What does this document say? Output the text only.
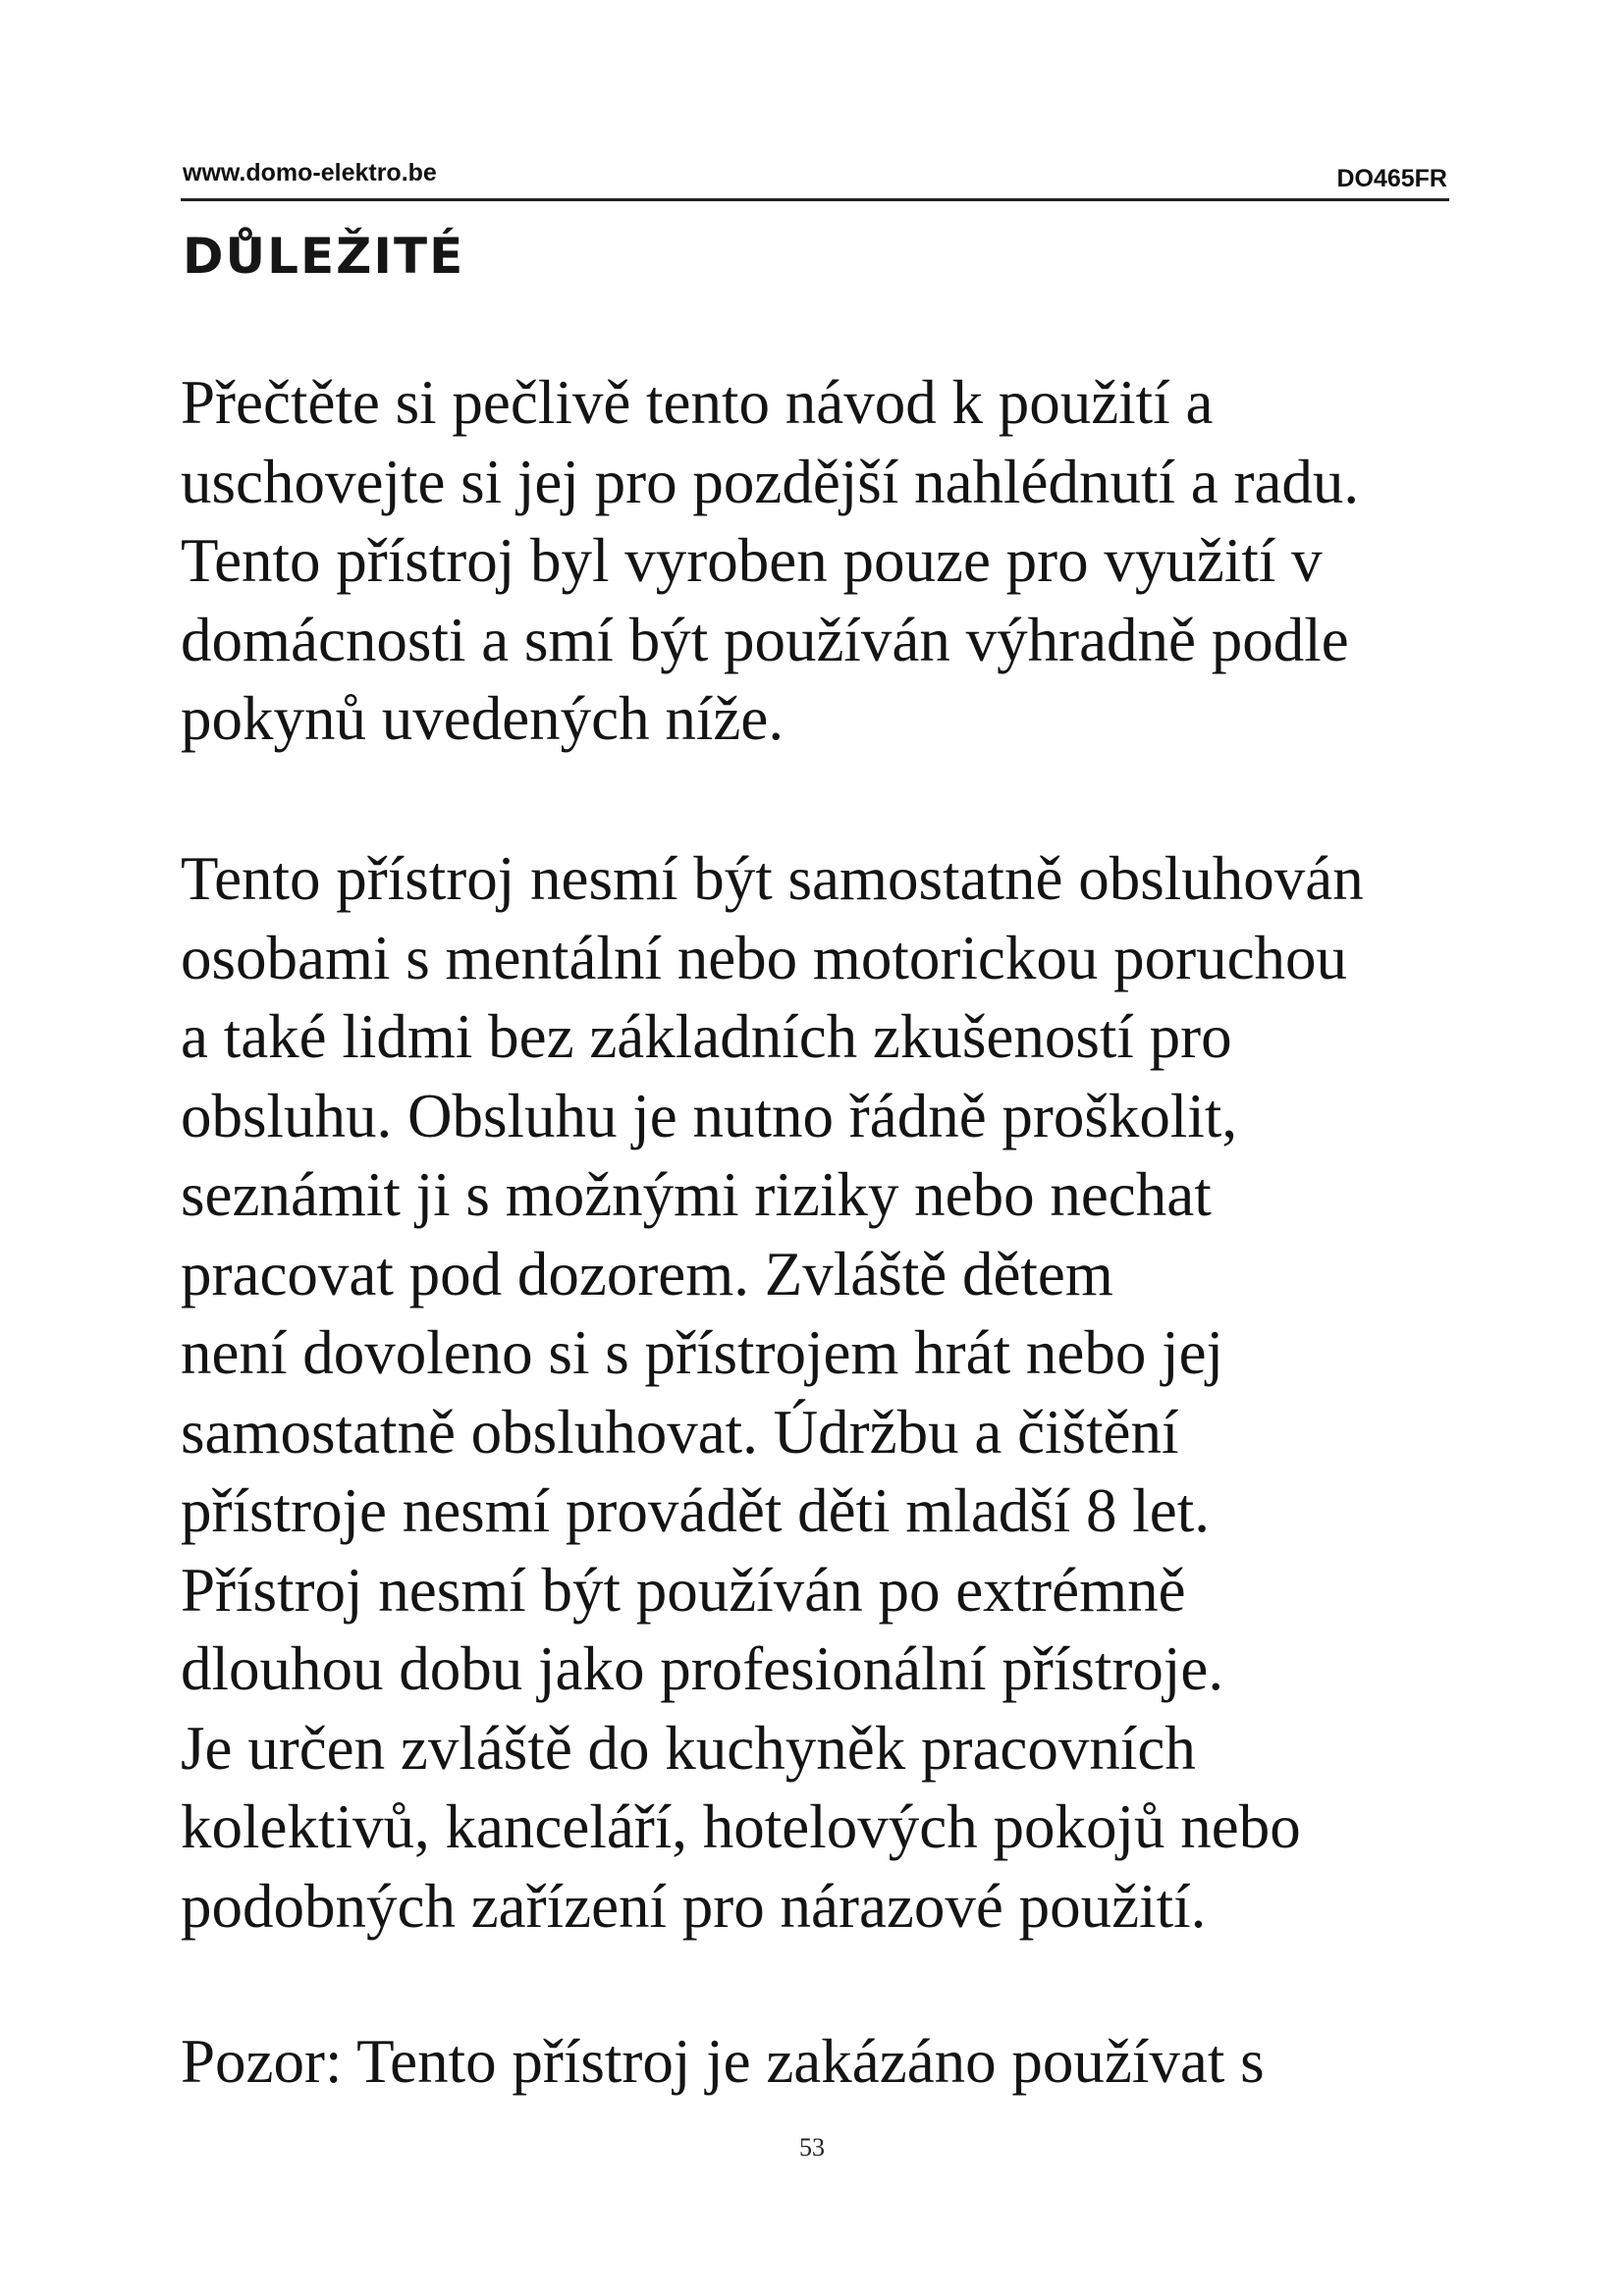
www.domo-elektro.be	DO465FR
DŮLEŽITÉ
Přečtěte si pečlivě tento návod k použití a
uschovejte si jej pro pozdější nahlédnutí a radu.
Tento přístroj byl vyroben pouze pro využití v
domácnosti a smí být používán výhradně podle
pokynů uvedených níže.
Tento přístroj nesmí být samostatně obsluhován
osobami s mentální nebo motorickou poruchou
a také lidmi bez základních zkušeností pro
obsluhu. Obsluhu je nutno řádně proškolit,
seznámit ji s možnými riziky nebo nechat
pracovat pod dozorem. Zvláště dětem
není dovoleno si s přístrojem hrát nebo jej
samostatně obsluhovat. Údržbu a čištění
přístroje nesmí provádět děti mladší 8 let.
Přístroj nesmí být používán po extrémně
dlouhou dobu jako profesionální přístroje.
Je určen zvláště do kuchyněk pracovních
kolektivů, kanceláří, hotelových pokojů nebo
podobných zařízení pro nárazové použití.
Pozor: Tento přístroj je zakázáno používat s
53
